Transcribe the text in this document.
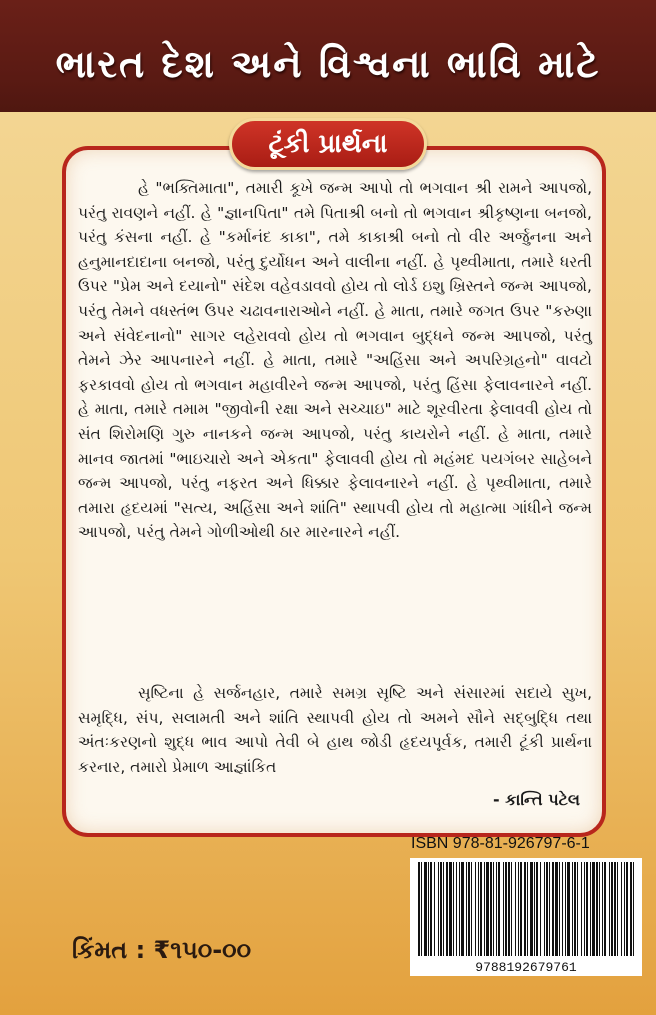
ભારત દેશ અને વિશ્વના ભાવિ માટે
ટૂંકી પ્રાર્થના

હે "ભક્તિમાતા", તમારી કૂખે જન્મ આપો તો ભગવાન શ્રી રામને આપજો, પરંતુ રાવણને નહીં. હે "જ્ઞાનપિતા" તમે પિતાશ્રી બનો તો ભગવાન શ્રીકૃષ્ણના બનજો, પરંતુ કંસના નહીં. હે "કર્માનંદ કાકા", તમે કાકાશ્રી બનો તો વીર અર્જુનના અને હનુમાનદાદાના બનજો, પરંતુ દુર્યોધન અને વાલીના નહીં. હે પૃથ્વીમાતા, તમારે ધરતી ઉપર "પ્રેમ અને દયાનો" સંદેશ વહેવડાવવો હોય તો લોર્ડ ઇશુ ખ્રિસ્તને જન્મ આપજો, પરંતુ તેમને વધસ્તંભ ઉપર ચઢાવનારાઓને નહીં. હે માતા, તમારે જગત ઉપર "કરુણા અને સંવેદનાનો" સાગર લહેરાવવો હોય તો ભગવાન બુદ્ધને જન્મ આપજો, પરંતુ તેમને ઝેર આપનારને નહીં. હે માતા, તમારે "અહિંસા અને અપરિગ્રહનો" વાવટો ફરકાવવો હોય તો ભગવાન મહાવીરને જન્મ આપજો, પરંતુ હિંસા ફેલાવનારને નહીં. હે માતા, તમારે તમામ "જીવોની રક્ષા અને સચ્ચાઇ" માટે શૂરવીરતા ફેલાવવી હોય તો સંત શિરોમણિ ગુરુ નાનકને જન્મ આપજો, પરંતુ કાયરોને નહીં. હે માતા, તમારે માનવ જાતમાં "ભાઇચારો અને એકતા" ફેલાવવી હોય તો મહંમદ પયગંબર સાહેબને જન્મ આપજો, પરંતુ નફરત અને ધિક્કાર ફેલાવનારને નહીં. હે પૃથ્વીમાતા, તમારે તમારા હૃદયમાં "સત્ય, અહિંસા અને શાંતિ" સ્થાપવી હોય તો મહાત્મા ગાંધીને જન્મ આપજો, પરંતુ તેમને ગોળીઓથી ઠાર મારનારને નહીં.

સૃષ્ટિના હે સર્જનહાર, તમારે સમગ્ર સૃષ્ટિ અને સંસારમાં સદાયે સુખ, સમૃદ્ધિ, સંપ, સલામતી અને શાંતિ સ્થાપવી હોય તો અમને સૌને સદ્બુદ્ધિ તથા અંતઃકરણનો શુદ્ધ ભાવ આપો તેવી બે હાથ જોડી હૃદયપૂર્વક, તમારી ટૂંકી પ્રાર્થના કરનાર, તમારો પ્રેમાળ આજ્ઞાંકિત

- કાન્તિ પટેલ
ISBN 978-81-926797-6-1
9788192679761
કિંમત : ₹૧૫૦-૦૦
